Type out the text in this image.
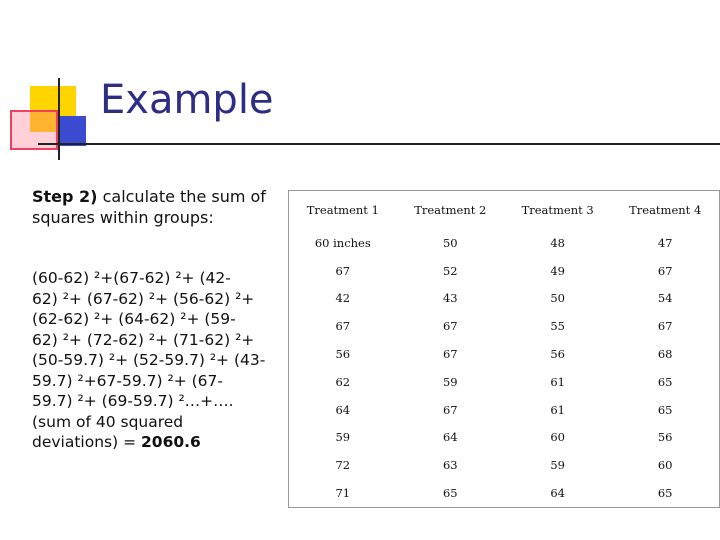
Example
Step 2) calculate the sum of squares within groups:
(60-62) ²+(67-62) ²+ (42-62) ²+ (67-62) ²+ (56-62) ²+ (62-62) ²+ (64-62) ²+ (59-62) ²+ (72-62) ²+ (71-62) ²+ (50-59.7) ²+ (52-59.7) ²+ (43-59.7) ²+67-59.7) ²+ (67-59.7) ²+ (69-59.7) ²…+….(sum of 40 squared deviations) = 2060.6
Treatment 1	Treatment 2	Treatment 3	Treatment 4
60 inches	50	48	47
67	52	49	67
42	43	50	54
67	67	55	67
56	67	56	68
62	59	61	65
64	67	61	65
59	64	60	56
72	63	59	60
71	65	64	65
